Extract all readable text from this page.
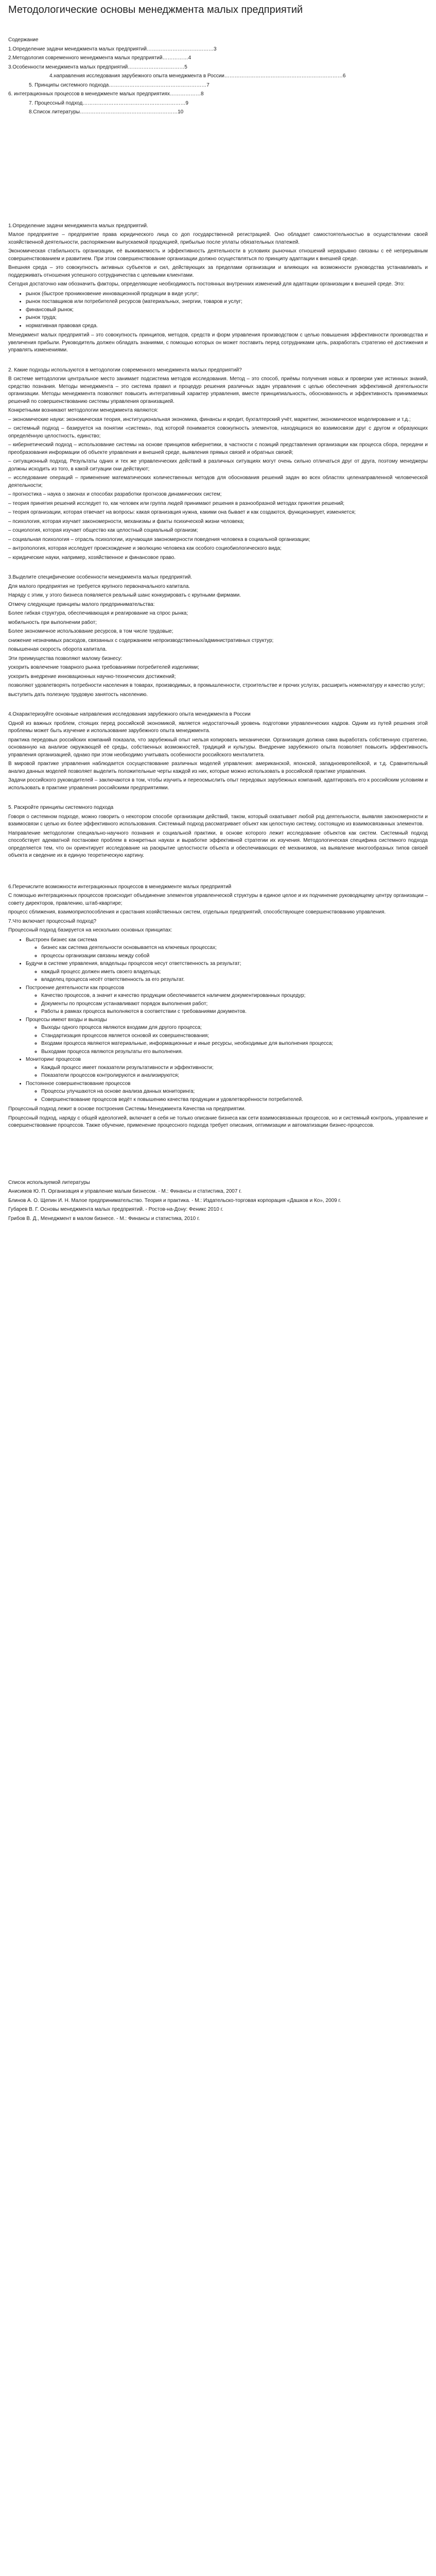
Методологические основы менеджмента малых предприятий

Содержание

1.Определение задачи менеджмента малых предприятий…………………………………3

2.Методология современного менеджмента малых предприятий……………4

3.Особенности менеджмента малых предприятий……………………………5

4.направления исследования зарубежного опыта менеджмента в России……………………………………………………………6

5. Принципы системного подхода…………………………………………………7

6. интеграционных процессов в менеджменте малых предприятиях………………8

7. Процессный подход……………………………………………………9

8.Список литературы…………………………………………………10

1.Определение задачи менеджмента малых предприятий.

Малое предприятие – предприятие права юридического лица со доп государственной регистрацией. Оно обладает самостоятельностью в осуществлении своей хозяйственной деятельности, распоряжении выпускаемой продукцией, прибылью после уплаты обязательных платежей.

Экономическая стабильность организации, её выживаемость и эффективность деятельности в условиях рыночных отношений неразрывно связаны с её непрерывным совершенствованием и развитием. При этом совершенствование организации должно осуществляться по принципу адаптации к внешней среде.

Внешняя среда – это совокупность активных субъектов и сил, действующих за пределами организации и влияющих на возможности руководства устанавливать и поддерживать отношения успешного сотрудничества с целевыми клиентами.

Сегодня достаточно нам обозначить факторы, определяющие необходимость постоянных внутренних изменений для адаптации организации к внешней среде. Это:

• рынок (быстрое проникновение инновационной продукции в виде услуг;
• рынок поставщиков или потребителей ресурсов (материальных, энергии, товаров и услуг;
• финансовый рынок;
• рынок труда;
• нормативная правовая среда.

Менеджмент малых предприятий – это совокупность принципов, методов, средств и форм управления производством с целью повышения эффективности производства и увеличения прибыли. Руководитель должен обладать знаниями, с помощью которых он может поставить перед сотрудниками цель, разработать стратегию её достижения и управлять изменениями.

2. Какие подходы используются в методологии современного менеджмента малых предприятий?

В системе методологии центральное место занимает подсистема методов исследования. Метод – это способ, приёмы получения новых и проверки уже истинных знаний, средство познания. Методы менеджмента – это система правил и процедур решения различных задач управления с целью обеспечения эффективной деятельности организации. Методы менеджмента позволяют повысить интегративный характер управления, вместе принципиальность, обоснованность и эффективность принимаемых решений по совершенствованию системы управления организацией.

Конкретными возникают методологии менеджмента являются:

– экономические науки: экономическая теория, институциональная экономика, финансы и кредит, бухгалтерский учёт, маркетинг, экономическое моделирование и т.д.;

– системный подход – базируется на понятии «система», под которой понимается совокупность элементов, находящихся во взаимосвязи друг с другом и образующих определённую целостность, единство;

– кибернетический подход – использование системы на основе принципов кибернетики, в частности с позиций представления организации как процесса сбора, передачи и преобразования информации об объекте управления и внешней среде, выявления прямых связей и обратных связей;

– ситуационный подход. Результаты одних и тех же управленческих действий в различных ситуациях могут очень сильно отличаться друг от друга, поэтому менеджеры должны исходить из того, в какой ситуации они действуют;

– исследование операций – применение математических количественных методов для обоснования решений задач во всех областях целенаправленной человеческой деятельности;

– прогностика – наука о законах и способах разработки прогнозов динамических систем;

– теория принятия решений исследует то, как человек или группа людей принимают решения в разнообразной методах принятия решений;

– теория организации, которая отвечает на вопросы: какая организация нужна, какими она бывает и как создаются, функционирует, изменяется;

– психология, которая изучает закономерности, механизмы и факты психической жизни человека;

– социология, которая изучает общество как целостный социальный организм;

– социальная психология – отрасль психологии, изучающая закономерности поведения человека в социальной организации;

– антропология, которая исследует происхождение и эволюцию человека как особого социобиологического вида;

– юридические науки, например, хозяйственное и финансовое право.

3.Выделите специфические особенности менеджмента малых предприятий.

Для малого предприятия не требуется крупного первоначального капитала.

Наряду с этим, у этого бизнеса появляется реальный шанс конкурировать с крупными фирмами.

Отмечу следующие принципы малого предпринимательства:

Более гибкая структура, обеспечивающая и реагирование на спрос рынка;

мобильность при выполнении работ;

Более экономичное использование ресурсов, в том числе трудовые;

снижение незначимых расходов, связанных с содержанием непроизводственных/административных структур;

повышенная скорость оборота капитала.

Эти преимущества позволяют малому бизнесу:

ускорить вовлечение товарного рынка требованиями потребителей изделиями;

ускорить внедрение инновационных научно-технических достижений;

позволяют удовлетворять потребности населения в товарах, производимых, в промышленности, строительстве и прочих услугах, расширить номенклатуру и качество услуг;

выступить дать полезную трудовую занятость населению.

4.Охарактеризуйте основные направления исследования зарубежного опыта менеджмента в России

Одной из важных проблем, стоящих перед российской экономикой, является недостаточный уровень подготовки управленческих кадров. Одним из путей решения этой проблемы может быть изучение и использование зарубежного опыта менеджмента.

практика передовых российских компаний показала, что зарубежный опыт нельзя копировать механически. Организация должна сама выработать собственную стратегию, основанную на анализе окружающей её среды, собственных возможностей, традиций и культуры. Внедрение зарубежного опыта позволяет повысить эффективность управления организацией, однако при этом необходимо учитывать особенности российского менталитета.

В мировой практике управления наблюдается сосуществование различных моделей управления: американской, японской, западноевропейской, и т.д. Сравнительный анализ данных моделей позволяет выделить положительные черты каждой из них, которые можно использовать в российской практике управления.

Задачи российского руководителей – заключаются в том, чтобы изучить и переосмыслить опыт передовых зарубежных компаний, адаптировать его к российским условиям и использовать в практике управления российскими предприятиями.

5. Раскройте принципы системного подхода

Говоря о системном подходе, можно говорить о некотором способе организации действий, таком, который охватывает любой род деятельности, выявляя закономерности и взаимосвязи с целью их более эффективного использования. Системный подход рассматривает объект как целостную систему, состоящую из взаимосвязанных элементов.

Направление методологии специально-научного познания и социальной практики, в основе которого лежит исследование объектов как систем. Системный подход способствует адекватной постановке проблем в конкретных науках и выработке эффективной стратегии их изучения. Методологическая специфика системного подхода определяется тем, что он ориентирует исследование на раскрытие целостности объекта и обеспечивающих её механизмов, на выявление многообразных типов связей объекта и сведение их в единую теоретическую картину.

6.Перечислите возможности интеграционных процессов в менеджменте малых предприятий

С помощью интеграционных процессов происходит объединение элементов управленческой структуры в единое целое и их подчинение руководящему центру организации – совету директоров, правлению, штаб-квартире;

процесс сближения, взаимоприспособления и срастания хозяйственных систем, отдельных предприятий, способствующее совершенствованию управления.

7.Что включает процессный подход?

Процессный подход базируется на нескольких основных принципах:

• Выстроен бизнес как система
◦ бизнес как система деятельности основывается на ключевых процессах;
◦ процессы организации связаны между собой
• Будучи в системе управления, владельцы процессов несут ответственность за результат;
◦ каждый процесс должен иметь своего владельца;
◦ владелец процесса несёт ответственность за его результат.
• Построение деятельности как процессов
◦ Качество процессов, а значит и качество продукции обеспечивается наличием документированных процедур;
◦ Документы по процессам устанавливают порядок выполнения работ;
◦ Работы в рамках процесса выполняются в соответствии с требованиями документов.
• Процессы имеют входы и выходы
◦ Выходы одного процесса являются входами для другого процесса;
◦ Стандартизация процессов является основой их совершенствования;
◦ Входами процесса являются материальные, информационные и иные ресурсы, необходимые для выполнения процесса;
◦ Выходами процесса являются результаты его выполнения.
• Мониторинг процессов
◦ Каждый процесс имеет показатели результативности и эффективности;
◦ Показатели процессов контролируются и анализируются;
• Постоянное совершенствование процессов
◦ Процессы улучшаются на основе анализа данных мониторинга;
◦ Совершенствование процессов ведёт к повышению качества продукции и удовлетворённости потребителей.

Процессный подход лежит в основе построения Системы Менеджмента Качества на предприятии.

Процессный подход, наряду с общей идеологией, включает в себя не только описание бизнеса как сети взаимосвязанных процессов, но и системный контроль, управление и совершенствование процессов. Также обучение, применение процессного подхода требует описания, оптимизации и автоматизации бизнес-процессов.

Список используемой литературы

Анисимов Ю. П. Организация и управление малым бизнесом. - М.: Финансы и статистика, 2007 г.

Блинов А. О. Щепин И. Н. Малое предпринимательство. Теория и практика. - М.: Издательско-торговая корпорация «Дашков и Ко», 2009 г.

Губарев В. Г. Основы менеджмента малых предприятий. - Ростов-на-Дону: Феникс 2010 г.

Грибов В. Д., Менеджмент в малом бизнесе. - М.: Финансы и статистика, 2010 г.
